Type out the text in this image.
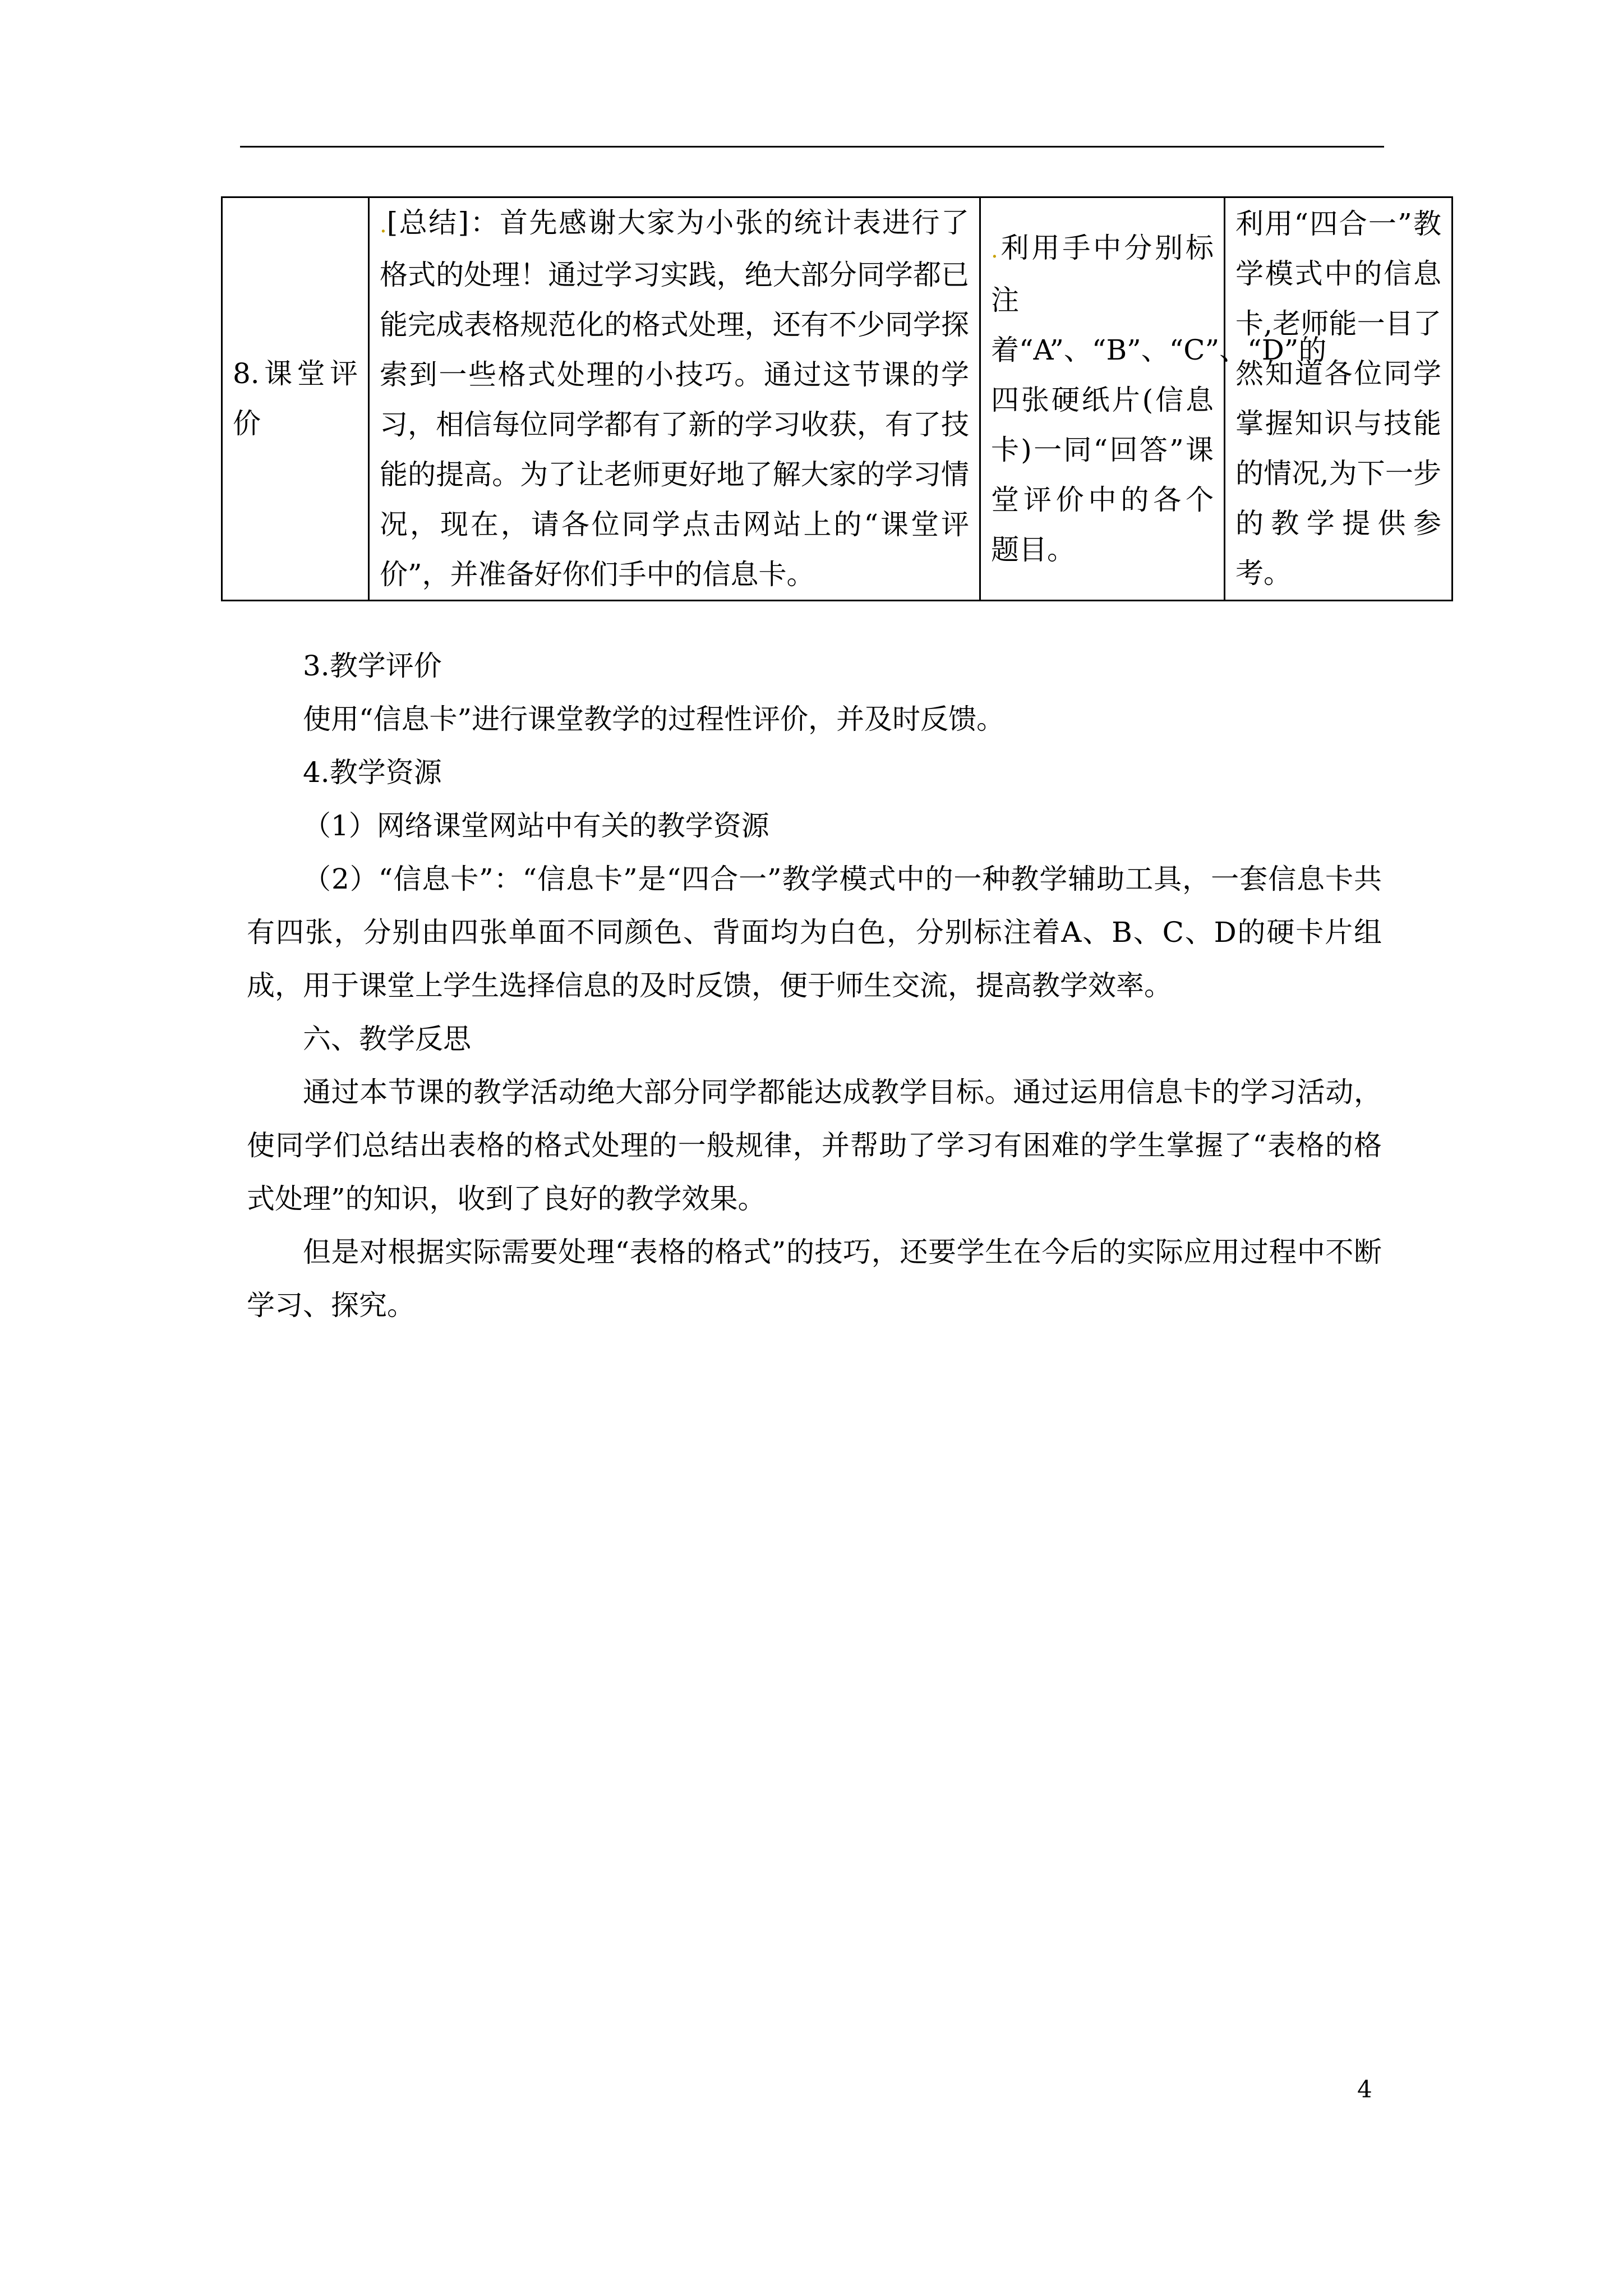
8.课堂评价	.[总结]：首先感谢大家为小张的统计表进行了格式的处理！通过学习实践，绝大部分同学都已能完成表格规范化的格式处理，还有不少同学探索到一些格式处理的小技巧。通过这节课的学习，相信每位同学都有了新的学习收获，有了技能的提高。为了让老师更好地了解大家的学习情况，现在，请各位同学点击网站上的“课堂评价”，并准备好你们手中的信息卡。	.利用手中分别标注着“A”、“B”、“C”、“D”的四张硬纸片(信息卡)一同“回答”课堂评价中的各个题目。	利用“四合一”教学模式中的信息卡,老师能一目了然知道各位同学掌握知识与技能的情况,为下一步的教学提供参考。

3.教学评价

使用“信息卡”进行课堂教学的过程性评价，并及时反馈。

4.教学资源

（1）网络课堂网站中有关的教学资源

（2）“信息卡”：“信息卡”是“四合一”教学模式中的一种教学辅助工具，一套信息卡共有四张，分别由四张单面不同颜色、背面均为白色，分别标注着A、B、C、D的硬卡片组成，用于课堂上学生选择信息的及时反馈，便于师生交流，提高教学效率。

六、教学反思

通过本节课的教学活动绝大部分同学都能达成教学目标。通过运用信息卡的学习活动，使同学们总结出表格的格式处理的一般规律，并帮助了学习有困难的学生掌握了“表格的格式处理”的知识，收到了良好的教学效果。

但是对根据实际需要处理“表格的格式”的技巧，还要学生在今后的实际应用过程中不断学习、探究。

4
